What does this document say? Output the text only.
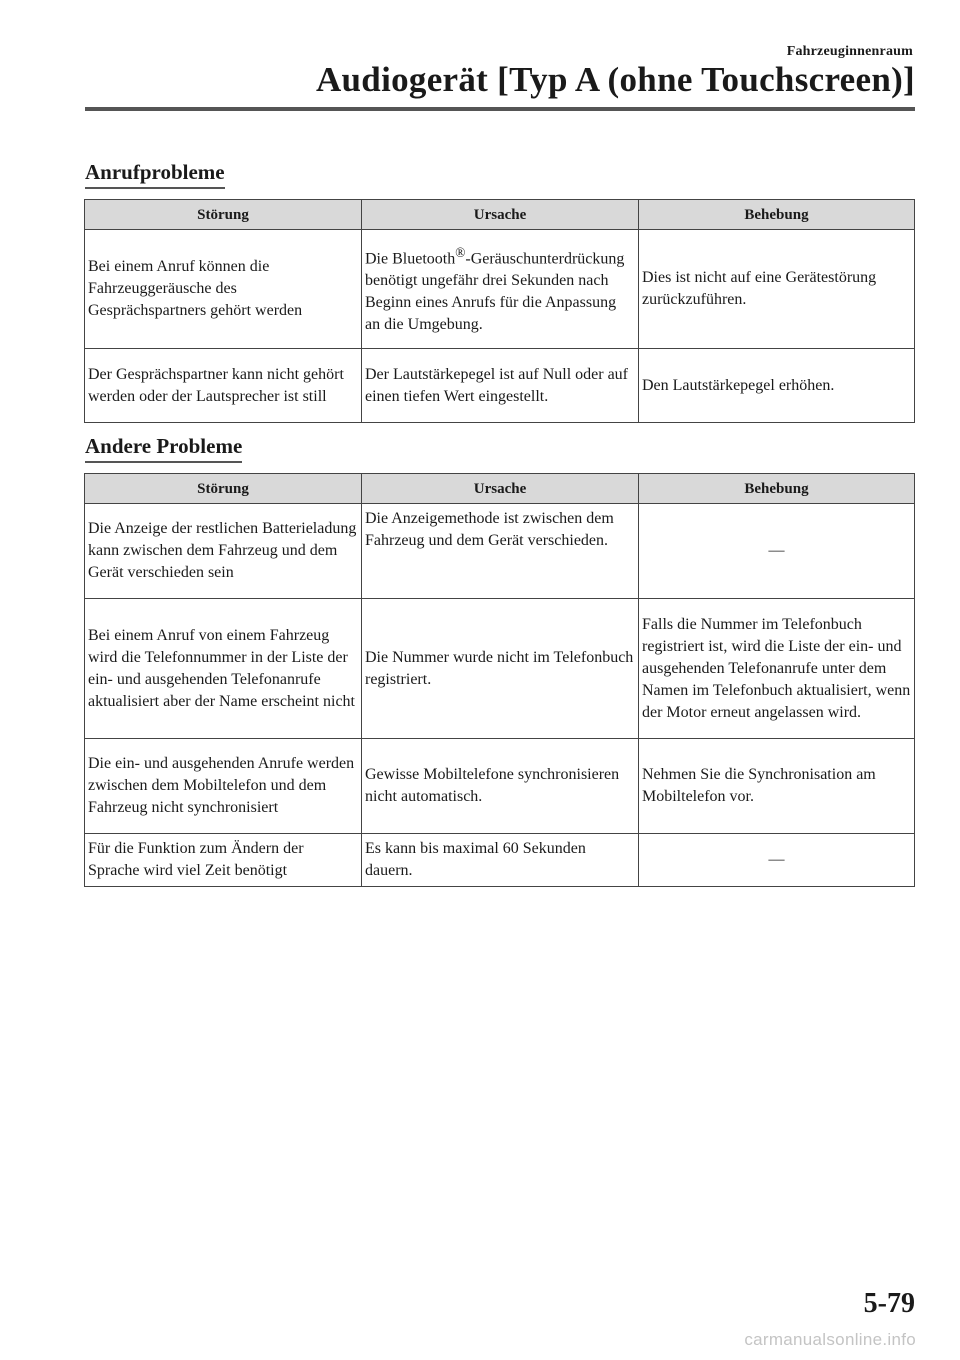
Fahrzeuginnenraum
Audiogerät [Typ A (ohne Touchscreen)]
Anrufprobleme
Störung	Ursache	Behebung
Bei einem Anruf können die Fahrzeuggeräusche des Gesprächspartners gehört werden	Die Bluetooth®-Geräuschunterdrückung benötigt ungefähr drei Sekunden nach Beginn eines Anrufs für die Anpassung an die Umgebung.	Dies ist nicht auf eine Gerätestörung zurückzuführen.
Der Gesprächspartner kann nicht gehört werden oder der Lautsprecher ist still	Der Lautstärkepegel ist auf Null oder auf einen tiefen Wert eingestellt.	Den Lautstärkepegel erhöhen.
Andere Probleme
Störung	Ursache	Behebung
Die Anzeige der restlichen Batterieladung kann zwischen dem Fahrzeug und dem Gerät verschieden sein	Die Anzeigemethode ist zwischen dem Fahrzeug und dem Gerät verschieden.	—
Bei einem Anruf von einem Fahrzeug wird die Telefonnummer in der Liste der ein- und ausgehenden Telefonanrufe aktualisiert aber der Name erscheint nicht	Die Nummer wurde nicht im Telefonbuch registriert.	Falls die Nummer im Telefonbuch registriert ist, wird die Liste der ein- und ausgehenden Telefonanrufe unter dem Namen im Telefonbuch aktualisiert, wenn der Motor erneut angelassen wird.
Die ein- und ausgehenden Anrufe werden zwischen dem Mobiltelefon und dem Fahrzeug nicht synchronisiert	Gewisse Mobiltelefone synchronisieren nicht automatisch.	Nehmen Sie die Synchronisation am Mobiltelefon vor.
Für die Funktion zum Ändern der Sprache wird viel Zeit benötigt	Es kann bis maximal 60 Sekunden dauern.	—
5-79
carmanualsonline.info
